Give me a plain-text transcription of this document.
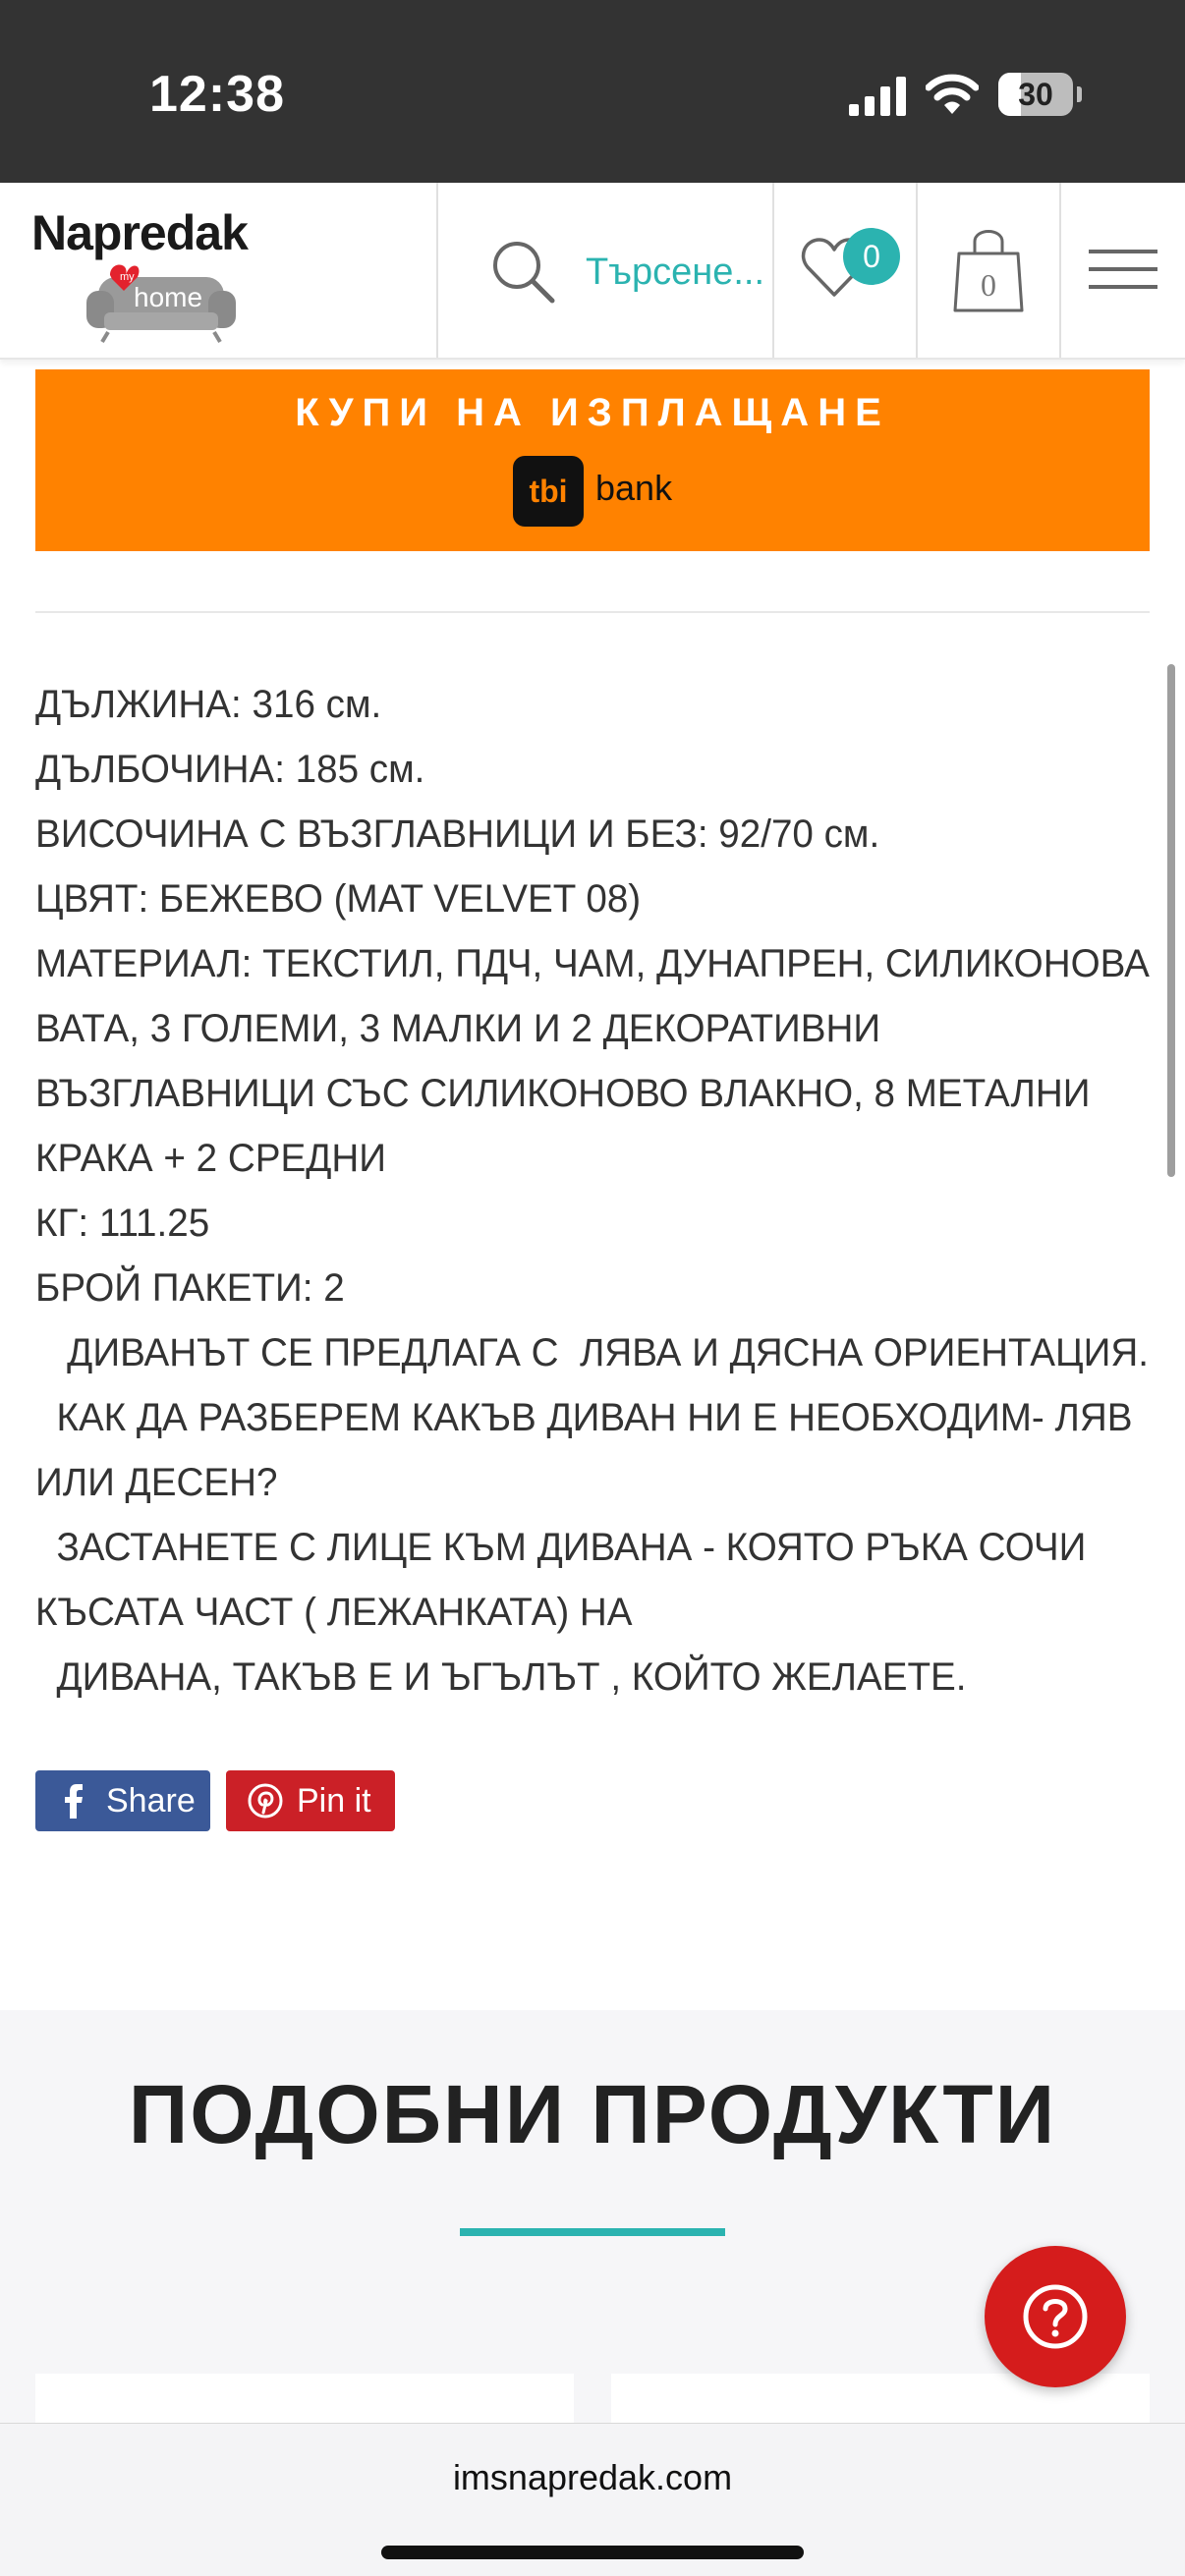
12:38	30
Napredak
my
home
Търсене...	0
0
КУПИ НА ИЗПЛАЩАНЕ
tbi bank

ДЪЛЖИНА: 316 см.

ДЪЛБОЧИНА: 185 см.

ВИСОЧИНА С ВЪЗГЛАВНИЦИ И БЕЗ: 92/70 см.

ЦВЯТ: БЕЖЕВО (MAT VELVET 08)

МАТЕРИАЛ: ТЕКСТИЛ, ПДЧ, ЧАМ, ДУНАПРЕН, СИЛИКОНОВА

ВАТА, 3 ГОЛЕМИ, 3 МАЛКИ И 2 ДЕКОРАТИВНИ

ВЪЗГЛАВНИЦИ СЪС СИЛИКОНОВО ВЛАКНО, 8 МЕТАЛНИ

КРАКА + 2 СРЕДНИ

КГ: 111.25

БРОЙ ПАКЕТИ: 2

ДИВАНЪТ СЕ ПРЕДЛАГА С  ЛЯВА И ДЯСНА ОРИЕНТАЦИЯ.

КАК ДА РАЗБЕРЕМ КАКЪВ ДИВАН НИ Е НЕОБХОДИМ- ЛЯВ

ИЛИ ДЕСЕН?

ЗАСТАНЕТЕ С ЛИЦЕ КЪМ ДИВАНА - КОЯТО РЪКА СОЧИ

КЪСАТА ЧАСТ ( ЛЕЖАНКАТА) НА

ДИВАНА, ТАКЪВ Е И ЪГЪЛЪТ , КОЙТО ЖЕЛАЕТЕ.

Share	Pin it
ПОДОБНИ ПРОДУКТИ
imsnapredak.com
